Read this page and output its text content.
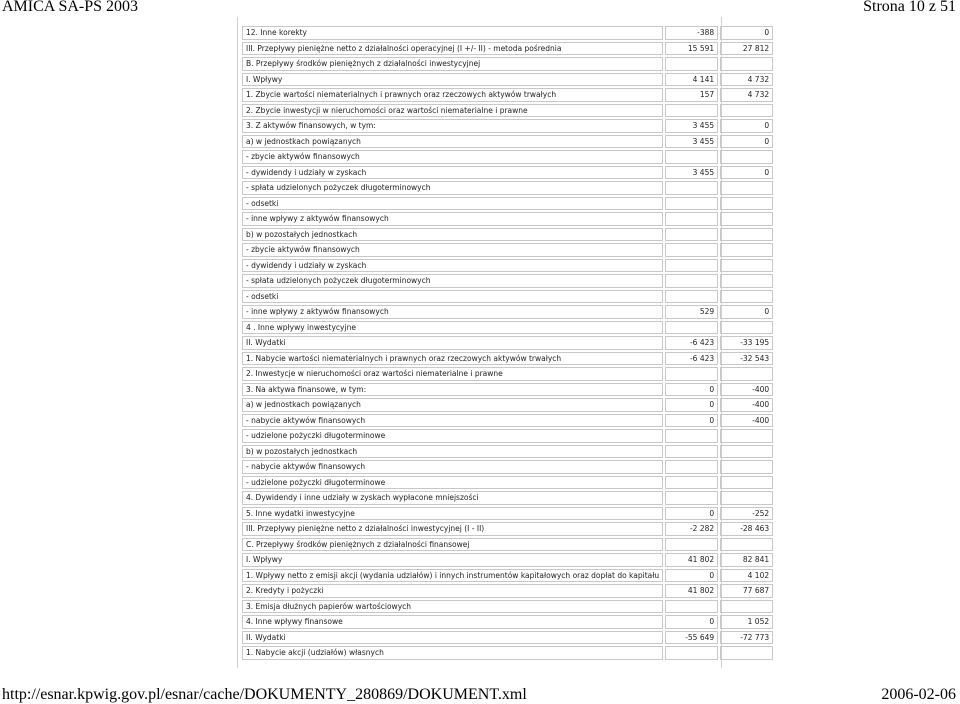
AMICA SA-PS 2003	Strona 10 z 51
12. Inne korekty	-388	0
III. Przepływy pieniężne netto z działalności operacyjnej (I +/- II) - metoda pośrednia	15 591	27 812
B. Przepływy środków pieniężnych z działalności inwestycyjnej		
I. Wpływy	4 141	4 732
1. Zbycie wartości niematerialnych i prawnych oraz rzeczowych aktywów trwałych	157	4 732
2. Zbycie inwestycji w nieruchomości oraz wartości niematerialne i prawne		
3. Z aktywów finansowych, w tym:	3 455	0
a) w jednostkach powiązanych	3 455	0
- zbycie aktywów finansowych		
- dywidendy i udziały w zyskach	3 455	0
- spłata udzielonych pożyczek długoterminowych		
- odsetki		
- inne wpływy z aktywów finansowych		
b) w pozostałych jednostkach		
- zbycie aktywów finansowych		
- dywidendy i udziały w zyskach		
- spłata udzielonych pożyczek długoterminowych		
- odsetki		
- inne wpływy z aktywów finansowych	529	0
4 . Inne wpływy inwestycyjne		
II. Wydatki	-6 423	-33 195
1. Nabycie wartości niematerialnych i prawnych oraz rzeczowych aktywów trwałych	-6 423	-32 543
2. Inwestycje w nieruchomości oraz wartości niematerialne i prawne		
3. Na aktywa finansowe, w tym:	0	-400
a) w jednostkach powiązanych	0	-400
- nabycie aktywów finansowych	0	-400
- udzielone pożyczki długoterminowe		
b) w pozostałych jednostkach		
- nabycie aktywów finansowych		
- udzielone pożyczki długoterminowe		
4. Dywidendy i inne udziały w zyskach wypłacone mniejszości		
5. Inne wydatki inwestycyjne	0	-252
III. Przepływy pieniężne netto z działalności inwestycyjnej (I - II)	-2 282	-28 463
C. Przepływy środków pieniężnych z działalności finansowej		
I. Wpływy	41 802	82 841
1. Wpływy netto z emisji akcji (wydania udziałów) i innych instrumentów kapitałowych oraz dopłat do kapitału	0	4 102
2. Kredyty i pożyczki	41 802	77 687
3. Emisja dłużnych papierów wartościowych		
4. Inne wpływy finansowe	0	1 052
II. Wydatki	-55 649	-72 773
1. Nabycie akcji (udziałów) własnych		
http://esnar.kpwig.gov.pl/esnar/cache/DOKUMENTY_280869/DOKUMENT.xml	2006-02-06
